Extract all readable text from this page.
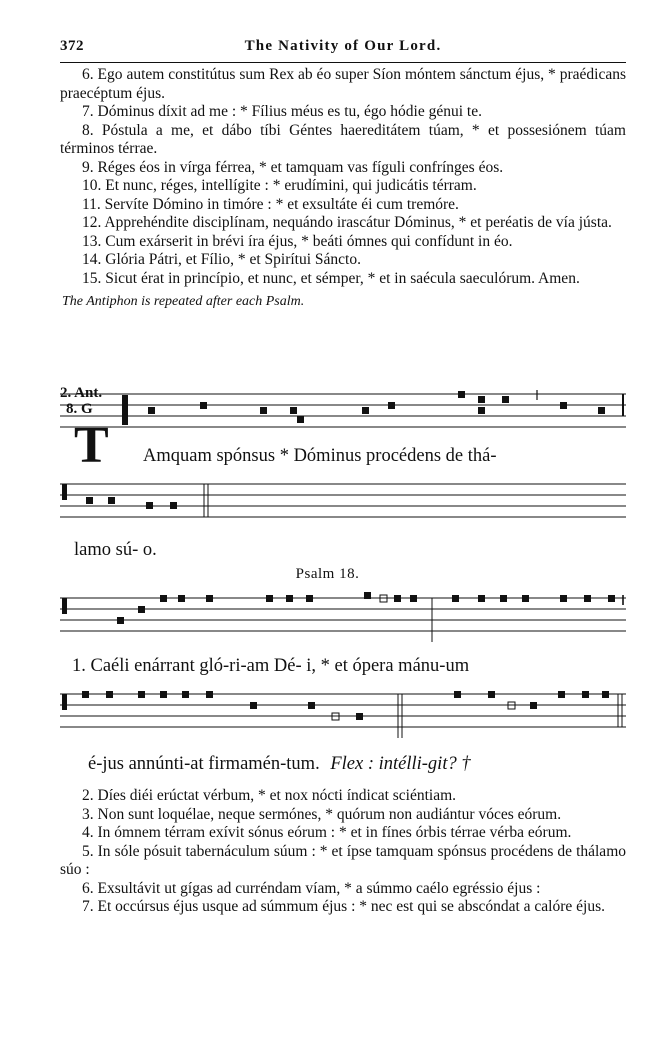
372	The Nativity of Our Lord.

6. Ego autem constitútus sum Rex ab éo super Síon móntem sánctum éjus, * praédicans praecéptum éjus.

7. Dóminus díxit ad me : * Fílius méus es tu, égo hódie génui te.

8. Póstula a me, et dábo tíbi Géntes haereditátem túam, * et possesiónem túam términos térrae.

9. Réges éos in vírga férrea, * et tamquam vas fíguli confrínges éos.

10. Et nunc, réges, intellígite : * erudímini, qui judicátis térram.

11. Servíte Dómino in timóre : * et exsultáte éi cum tremóre.

12. Apprehéndite disciplínam, nequándo irascátur Dóminus, * et peréatis de vía jústa.

13. Cum exárserit in brévi íra éjus, * beáti ómnes qui confídunt in éo.

14. Glória Pátri, et Fílio, * et Spirítui Sáncto.

15. Sicut érat in princípio, et nunc, et sémper, * et in saécula saeculórum. Amen.

The Antiphon is repeated after each Psalm.

2. Ant.
8. G
T Amquam spónsus * Dóminus procédens de thá-
lamo sú- o.
Psalm 18.
1. Caéli enárrant gló-ri-am Dé- i, * et ópera mánu-um
é-jus annúnti-at firmamén-tum. Flex : intélli-git? †

2. Díes diéi erúctat vérbum, * et nox nócti índicat sciéntiam.

3. Non sunt loquélae, neque sermónes, * quórum non audiántur vóces eórum.

4. In ómnem térram exívit sónus eórum : * et in fínes órbis térrae vérba eórum.

5. In sóle pósuit tabernáculum súum : * et ípse tamquam spónsus procédens de thálamo súo :

6. Exsultávit ut gígas ad curréndam víam, * a súmmo caélo egréssio éjus :

7. Et occúrsus éjus usque ad súmmum éjus : * nec est qui se abscóndat a calóre éjus.
